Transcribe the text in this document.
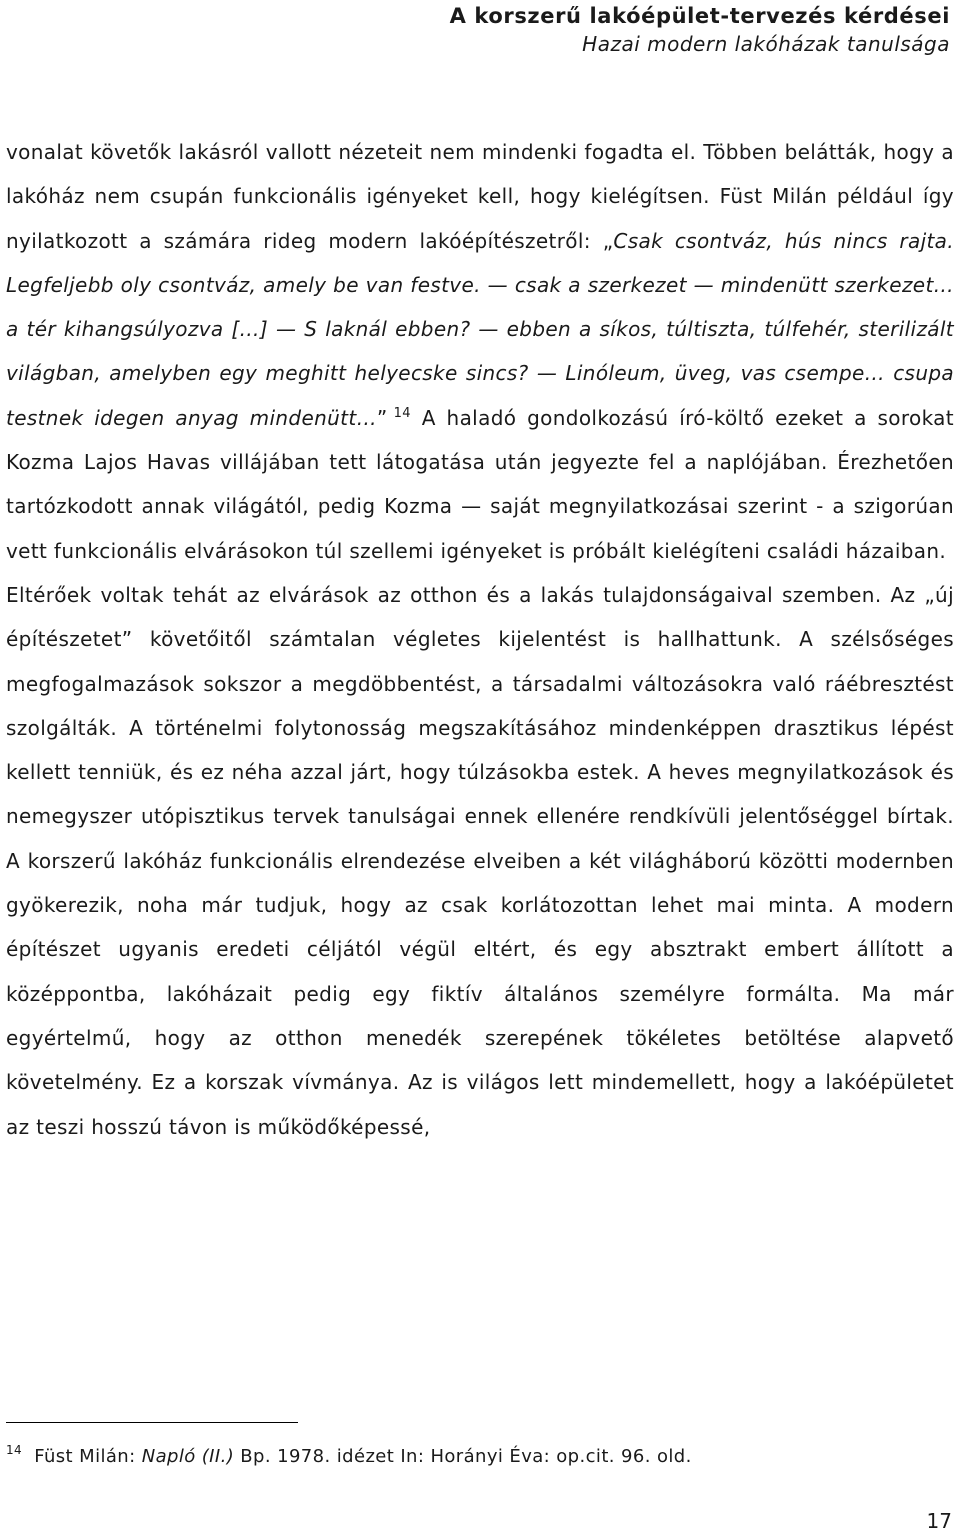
A korszerű lakóépület-tervezés kérdései
Hazai modern lakóházak tanulsága

vonalat követők lakásról vallott nézeteit nem mindenki fogadta el. Többen belátták, hogy a lakóház nem csupán funkcionális igényeket kell, hogy kielégítsen. Füst Milán például így nyilatkozott a számára rideg modern lakóépítészetről: „Csak csontváz, hús nincs rajta. Legfeljebb oly csontváz, amely be van festve. — csak a szerkezet — mindenütt szerkezet… a tér kihangsúlyozva […] — S laknál ebben? — ebben a síkos, túltiszta, túlfehér, sterilizált világban, amelyben egy meghitt helyecske sincs? — Linóleum, üveg, vas csempe… csupa testnek idegen anyag mindenütt…” $^{14}$ A haladó gondolkozású író-költő ezeket a sorokat Kozma Lajos Havas villájában tett látogatása után jegyezte fel a naplójában. Érezhetően tartózkodott annak világától, pedig Kozma — saját megnyilatkozásai szerint - a szigorúan vett funkcionális elvárásokon túl szellemi igényeket is próbált kielégíteni családi házaiban.

Eltérőek voltak tehát az elvárások az otthon és a lakás tulajdonságaival szemben. Az „új építészetet” követőitől számtalan végletes kijelentést is hallhattunk. A szélsőséges megfogalmazások sokszor a megdöbbentést, a társadalmi változásokra való ráébresztést szolgálták. A történelmi folytonosság megszakításához mindenképpen drasztikus lépést kellett tenniük, és ez néha azzal járt, hogy túlzásokba estek. A heves megnyilatkozások és nemegyszer utópisztikus tervek tanulságai ennek ellenére rendkívüli jelentőséggel bírtak. A korszerű lakóház funkcionális elrendezése elveiben a két világháború közötti modernben gyökerezik, noha már tudjuk, hogy az csak korlátozottan lehet mai minta. A modern építészet ugyanis eredeti céljától végül eltért, és egy absztrakt embert állított a középpontba, lakóházait pedig egy fiktív általános személyre formálta. Ma már egyértelmű, hogy az otthon menedék szerepének tökéletes betöltése alapvető követelmény. Ez a korszak vívmánya. Az is világos lett mindemellett, hogy a lakóépületet az teszi hosszú távon is működőképessé,

$^{14}$ Füst Milán: Napló (II.) Bp. 1978. idézet In: Horányi Éva: op.cit. 96. old.
17
